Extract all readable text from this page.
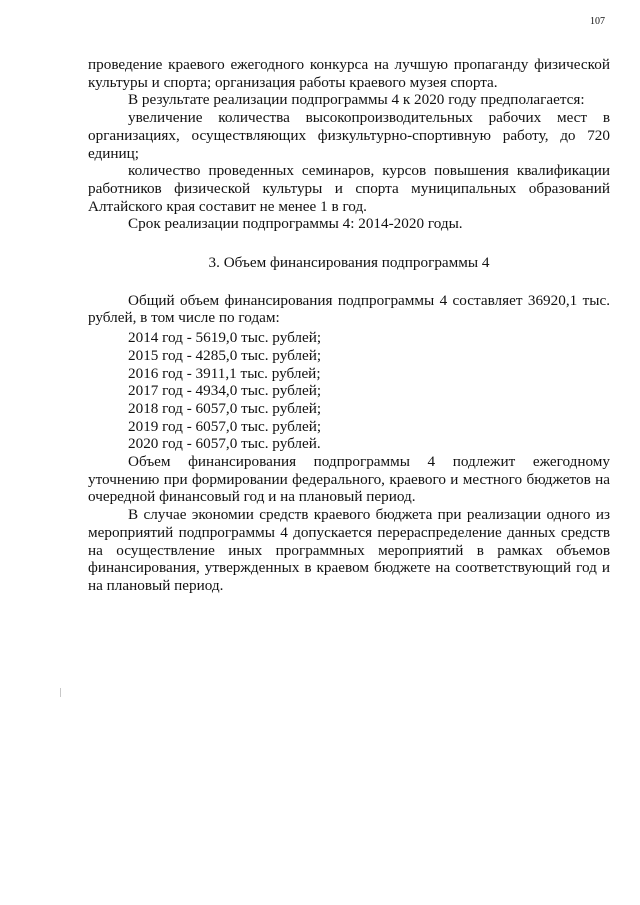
107

проведение краевого ежегодного конкурса на лучшую пропаганду физической культуры и спорта; организация работы краевого музея спорта.

В результате реализации подпрограммы 4 к 2020 году предполагается:

увеличение количества высокопроизводительных рабочих мест в организациях, осуществляющих физкультурно-спортивную работу, до 720 единиц;

количество проведенных семинаров, курсов повышения квалификации работников физической культуры и спорта муниципальных образований Алтайского края составит не менее 1 в год.

Срок реализации подпрограммы 4: 2014-2020 годы.

3. Объем финансирования подпрограммы 4

Общий объем финансирования подпрограммы 4 составляет 36920,1 тыс. рублей, в том числе по годам:

2014 год - 5619,0 тыс. рублей;

2015 год - 4285,0 тыс. рублей;

2016 год - 3911,1 тыс. рублей;

2017 год - 4934,0 тыс. рублей;

2018 год - 6057,0 тыс. рублей;

2019 год - 6057,0 тыс. рублей;

2020 год - 6057,0 тыс. рублей.

Объем финансирования подпрограммы 4 подлежит ежегодному уточнению при формировании федерального, краевого и местного бюджетов на очередной финансовый год и на плановый период.

В случае экономии средств краевого бюджета при реализации одного из мероприятий подпрограммы 4 допускается перераспределение данных средств на осуществление иных программных мероприятий в рамках объемов финансирования, утвержденных в краевом бюджете на соответствующий год и на плановый период.
